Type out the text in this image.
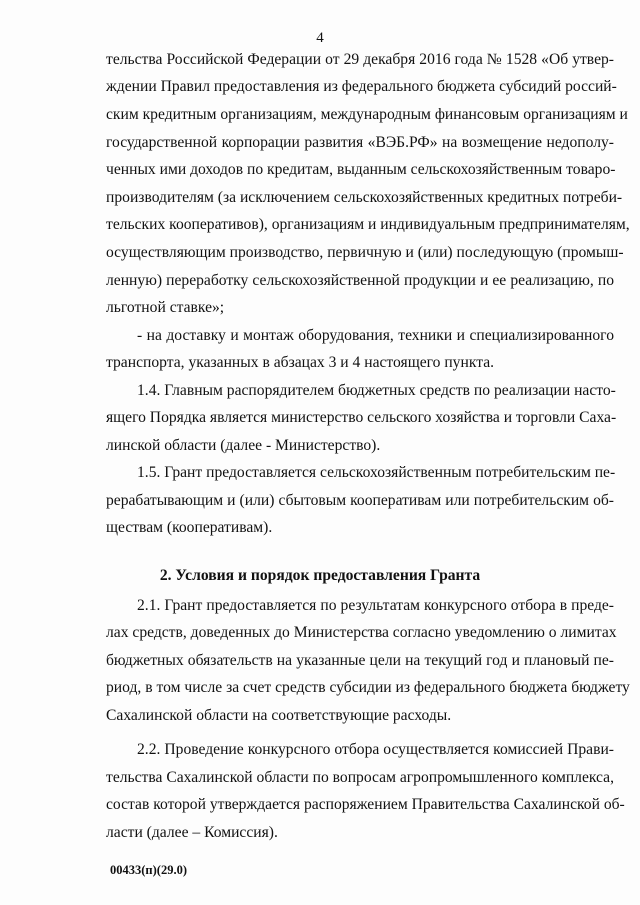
4
тельства Российской Федерации от 29 декабря 2016 года № 1528 «Об утвер-
ждении Правил предоставления из федерального бюджета субсидий россий-
ским кредитным организациям, международным финансовым организациям и
государственной корпорации развития «ВЭБ.РФ» на возмещение недополу-
ченных ими доходов по кредитам, выданным сельскохозяйственным товаро-
производителям (за исключением сельскохозяйственных кредитных потреби-
тельских кооперативов), организациям и индивидуальным предпринимателям,
осуществляющим производство, первичную и (или) последующую (промыш-
ленную) переработку сельскохозяйственной продукции и ее реализацию, по
льготной ставке»;
- на доставку и монтаж оборудования, техники и специализированного
транспорта, указанных в абзацах 3 и 4 настоящего пункта.
1.4. Главным распорядителем бюджетных средств по реализации насто-
ящего Порядка является министерство сельского хозяйства и торговли Саха-
линской области (далее - Министерство).
1.5. Грант предоставляется сельскохозяйственным потребительским пе-
рерабатывающим и (или) сбытовым кооперативам или потребительским об-
ществам (кооперативам).
2. Условия и порядок предоставления Гранта
2.1. Грант предоставляется по результатам конкурсного отбора в преде-
лах средств, доведенных до Министерства согласно уведомлению о лимитах
бюджетных обязательств на указанные цели на текущий год и плановый пе-
риод, в том числе за счет средств субсидии из федерального бюджета бюджету
Сахалинской области на соответствующие расходы.
2.2. Проведение конкурсного отбора осуществляется комиссией Прави-
тельства Сахалинской области по вопросам агропромышленного комплекса,
состав которой утверждается распоряжением Правительства Сахалинской об-
ласти (далее – Комиссия).
00433(п)(29.0)
